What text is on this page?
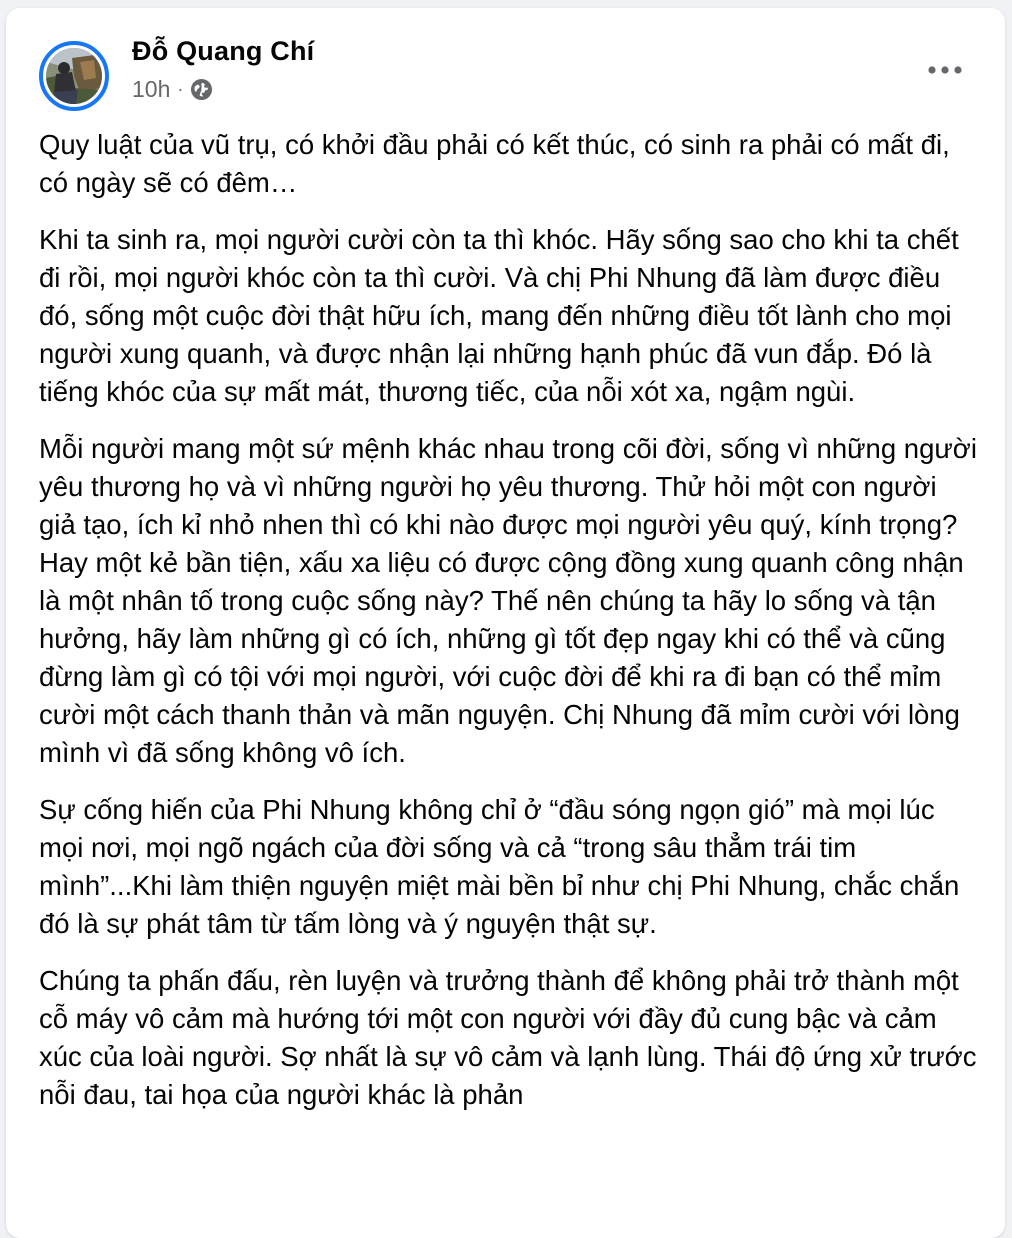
Đỗ Quang Chí
10h ·

Quy luật của vũ trụ, có khởi đầu phải có kết thúc, có sinh ra phải có mất đi, có ngày sẽ có đêm…

Khi ta sinh ra, mọi người cười còn ta thì khóc. Hãy sống sao cho khi ta chết đi rồi, mọi người khóc còn ta thì cười. Và chị Phi Nhung đã làm được điều đó, sống một cuộc đời thật hữu ích, mang đến những điều tốt lành cho mọi người xung quanh, và được nhận lại những hạnh phúc đã vun đắp. Đó là tiếng khóc của sự mất mát, thương tiếc, của nỗi xót xa, ngậm ngùi.

Mỗi người mang một sứ mệnh khác nhau trong cõi đời, sống vì những người yêu thương họ và vì những người họ yêu thương. Thử hỏi một con người giả tạo, ích kỉ nhỏ nhen thì có khi nào được mọi người yêu quý, kính trọng? Hay một kẻ bần tiện, xấu xa liệu có được cộng đồng xung quanh công nhận là một nhân tố trong cuộc sống này? Thế nên chúng ta hãy lo sống và tận hưởng, hãy làm những gì có ích, những gì tốt đẹp ngay khi có thể và cũng đừng làm gì có tội với mọi người, với cuộc đời để khi ra đi bạn có thể mỉm cười một cách thanh thản và mãn nguyện. Chị Nhung đã mỉm cười với lòng mình vì đã sống không vô ích.

Sự cống hiến của Phi Nhung không chỉ ở “đầu sóng ngọn gió” mà mọi lúc mọi nơi, mọi ngõ ngách của đời sống và cả “trong sâu thẳm trái tim mình”...Khi làm thiện nguyện miệt mài bền bỉ như chị Phi Nhung, chắc chắn đó là sự phát tâm từ tấm lòng và ý nguyện thật sự.

Chúng ta phấn đấu, rèn luyện và trưởng thành để không phải trở thành một cỗ máy vô cảm mà hướng tới một con người với đầy đủ cung bậc và cảm xúc của loài người. Sợ nhất là sự vô cảm và lạnh lùng. Thái độ ứng xử trước nỗi đau, tai họa của người khác là phản
